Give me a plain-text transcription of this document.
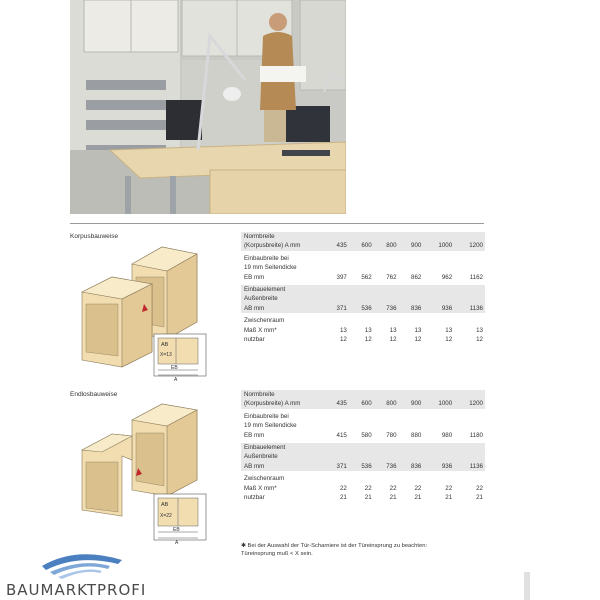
Korpusbauweise
AB
X=13
EB
A
Normbreite						
(Korpusbreite) A mm	435	600	800	900	1000	1200

Einbaubreite bei						
19 mm Seitendicke						
EB mm	397	562	762	862	962	1162

Einbauelement						
Außenbreite						
AB mm	371	536	736	836	936	1136

Zwischenraum						
Maß X mm*	13	13	13	13	13	13
nutzbar	12	12	12	12	12	12
Endlosbauweise
AB
X=22
EB
A
Normbreite						
(Korpusbreite) A mm	435	600	800	900	1000	1200

Einbaubreite bei						
19 mm Seitendicke						
EB mm	415	580	780	880	980	1180

Einbauelement						
Außenbreite						
AB mm	371	536	736	836	936	1136

Zwischenraum						
Maß X mm*	22	22	22	22	22	22
nutzbar	21	21	21	21	21	21
✱ Bei der Auswahl der Tür-Scharniere ist der Türeinsprung zu beachten:
Türeinsprung muß < X sein.
BAUMARKTPROFI
